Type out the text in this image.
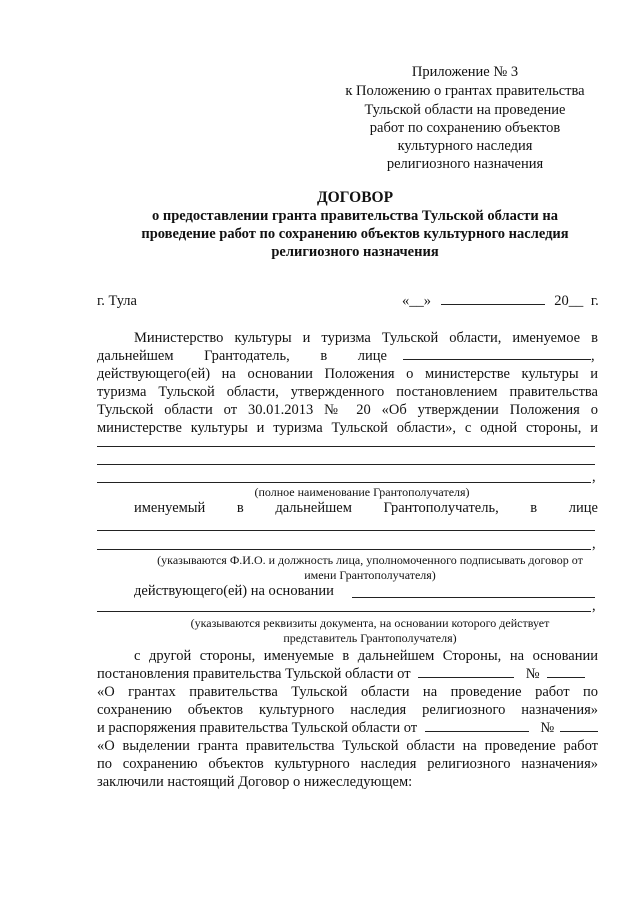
Приложение № 3
к Положению о грантах правительства
Тульской области на проведение
работ по сохранению объектов
культурного наследия
религиозного назначения
ДОГОВОР
о предоставлении гранта правительства Тульской области на
проведение работ по сохранению объектов культурного наследия
религиозного назначения
г. Тула	«__»	20__ г.
Министерство культуры и туризма Тульской области, именуемое в
дальнейшем Грантодатель, в лице	,
действующего(ей) на основании Положения о министерстве культуры и
туризма Тульской области, утвержденного постановлением правительства
Тульской области от 30.01.2013 № 20 «Об утверждении Положения о
министерстве культуры и туризма Тульской области», с одной стороны, и
,
(полное наименование Грантополучателя)
именуемый в дальнейшем Грантополучатель, в лице
,
(указываются Ф.И.О. и должность лица, уполномоченного подписывать договор от
имени Грантополучателя)
действующего(ей) на основании
,
(указываются реквизиты документа, на основании которого действует
представитель Грантополучателя)
с другой стороны, именуемые в дальнейшем Стороны, на основании
постановления правительства Тульской области от	№
«О грантах правительства Тульской области на проведение работ по
сохранению объектов культурного наследия религиозного назначения»
и распоряжения правительства Тульской области от	№
«О выделении гранта правительства Тульской области на проведение работ
по сохранению объектов культурного наследия религиозного назначения»
заключили настоящий Договор о нижеследующем:
